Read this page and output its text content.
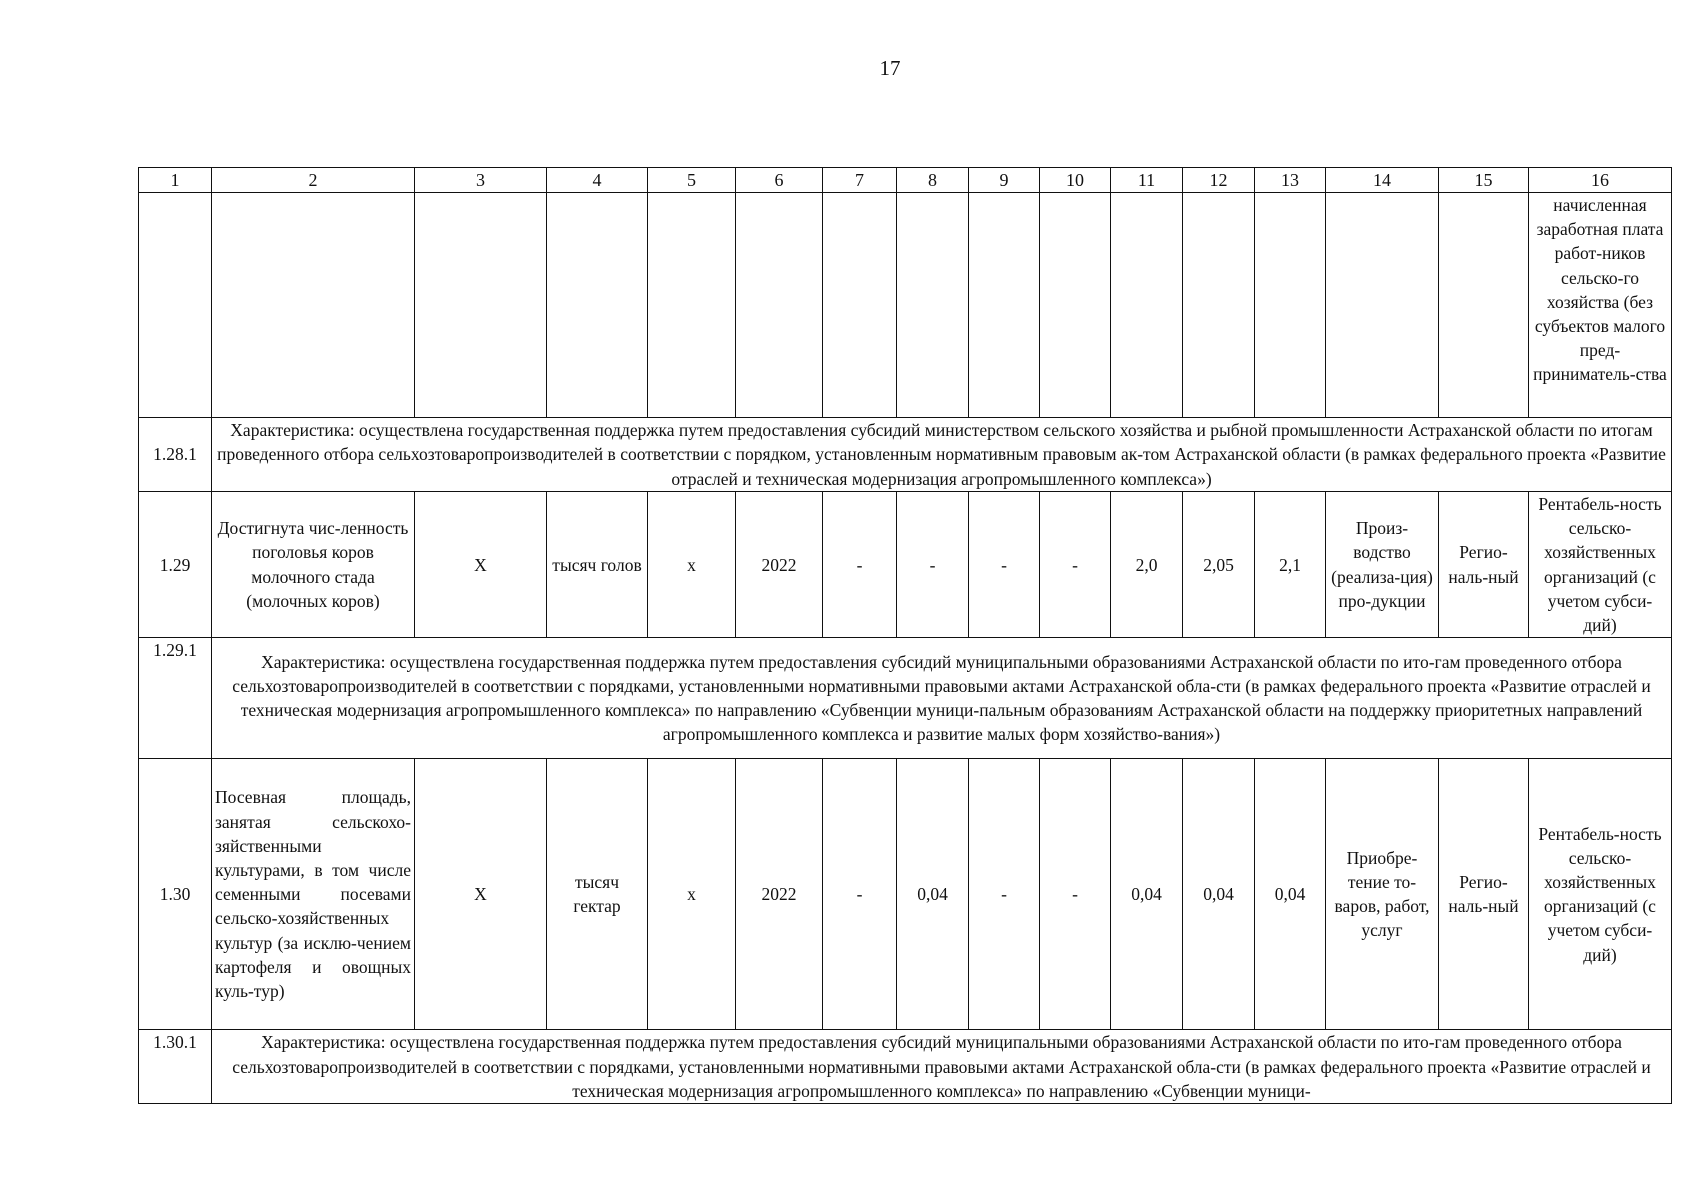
17
1	2	3	4	5	6	7	8	9	10	11	12	13	14	15	16
															начисленная заработная плата работ-ников сельско-го хозяйства (без субъектов малого пред-приниматель-ства
1.28.1	Характеристика: осуществлена государственная поддержка путем предоставления субсидий министерством сельского хозяйства и рыбной промышленности Астраханской области по итогам проведенного отбора сельхозтоваропроизводителей в соответствии с порядком, установленным нормативным правовым ак-том Астраханской области (в рамках федерального проекта «Развитие отраслей и техническая модернизация агропромышленного комплекса»)														
1.29	Достигнута чис-ленность поголовья коров молочного стада (молочных коров)	Х	тысяч голов	х	2022	-	-	-	-	2,0	2,05	2,1	Произ-водство (реализа-ция) про-дукции	Регио-наль-ный	Рентабель-ность сельско-хозяйственных организаций (с учетом субси-дий)
1.29.1	Характеристика: осуществлена государственная поддержка путем предоставления субсидий муниципальными образованиями Астраханской области по ито-гам проведенного отбора сельхозтоваропроизводителей в соответствии с порядками, установленными нормативными правовыми актами Астраханской обла-сти (в рамках федерального проекта «Развитие отраслей и техническая модернизация агропромышленного комплекса» по направлению «Субвенции муници-пальным образованиям Астраханской области на поддержку приоритетных направлений агропромышленного комплекса и развитие малых форм хозяйство-вания»)														
1.30	Посевная площадь, занятая сельскохо-зяйственными культурами, в том числе семенными посевами сельско-хозяйственных культур (за исклю-чением картофеля и овощных куль-тур)	Х	тысяч гектар	х	2022	-	0,04	-	-	0,04	0,04	0,04	Приобре-тение то-варов, работ, услуг	Регио-наль-ный	Рентабель-ность сельско-хозяйственных организаций (с учетом субси-дий)
1.30.1	Характеристика: осуществлена государственная поддержка путем предоставления субсидий муниципальными образованиями Астраханской области по ито-гам проведенного отбора сельхозтоваропроизводителей в соответствии с порядками, установленными нормативными правовыми актами Астраханской обла-сти (в рамках федерального проекта «Развитие отраслей и техническая модернизация агропромышленного комплекса» по направлению «Субвенции муници-														
